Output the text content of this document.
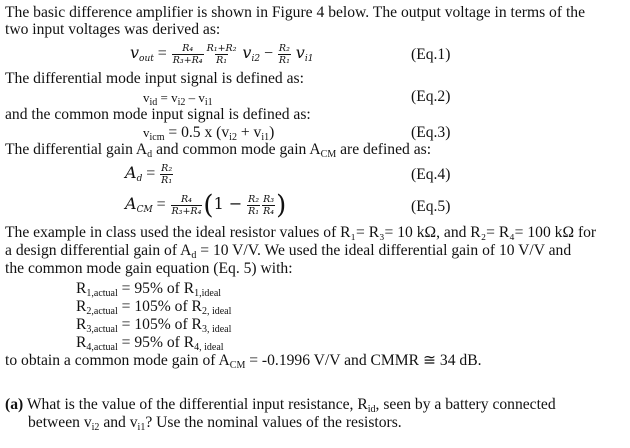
The basic difference amplifier is shown in Figure 4 below. The output voltage in terms of the
two input voltages was derived as:
$v_{out} = \frac{\text{R₄}}{\text{R₃+R₄}} \frac{\text{R₁+R₂}}{\text{R₁}} v_{i2} - \frac{\text{R₂}}{\text{R₁}} v_{i1}$	(Eq.1)
The differential mode input signal is defined as:
$v_{id} = v_{i2} - v_{i1}$	(Eq.2)
and the common mode input signal is defined as:
$v_{icm} = 0.5$ x $(v_{i2} + v_{i1})$	(Eq.3)
The differential gain $A_d$ and common mode gain $A_{CM}$ are defined as:
$A_d = \frac{\text{R₂}}{\text{R₁}}$	(Eq.4)
$A_{CM} = \frac{\text{R₄}}{\text{R₃+R₄}} (1 - \frac{\text{R₂}}{\text{R₁}} \frac{\text{R₃}}{\text{R₄}}$ )	(Eq.5)
The example in class used the ideal resistor values of R₁= R₃= 10 kΩ, and R₂= R₄= 100 kΩ for
a design differential gain of $A_d = 10$ V/V. We used the ideal differential gain of 10 V/V and
the common mode gain equation (Eq. 5) with:
$R_{1,actual} = 95\%$ of $R_{1,ideal}$
$R_{2,actual} = 105\%$ of $R_{2, ideal}$
$R_{3,actual} = 105\%$ of $R_{3, ideal}$
$R_{4,actual} = 95\%$ of $R_{4, ideal}$
to obtain a common mode gain of $A_{CM} = -0.1996$ V/V and CMMR ≅ 34 dB.
(a) What is the value of the differential input resistance, $R_{id}$, seen by a battery connected
between $v_{i2}$ and $v_{i1}$? Use the nominal values of the resistors.
